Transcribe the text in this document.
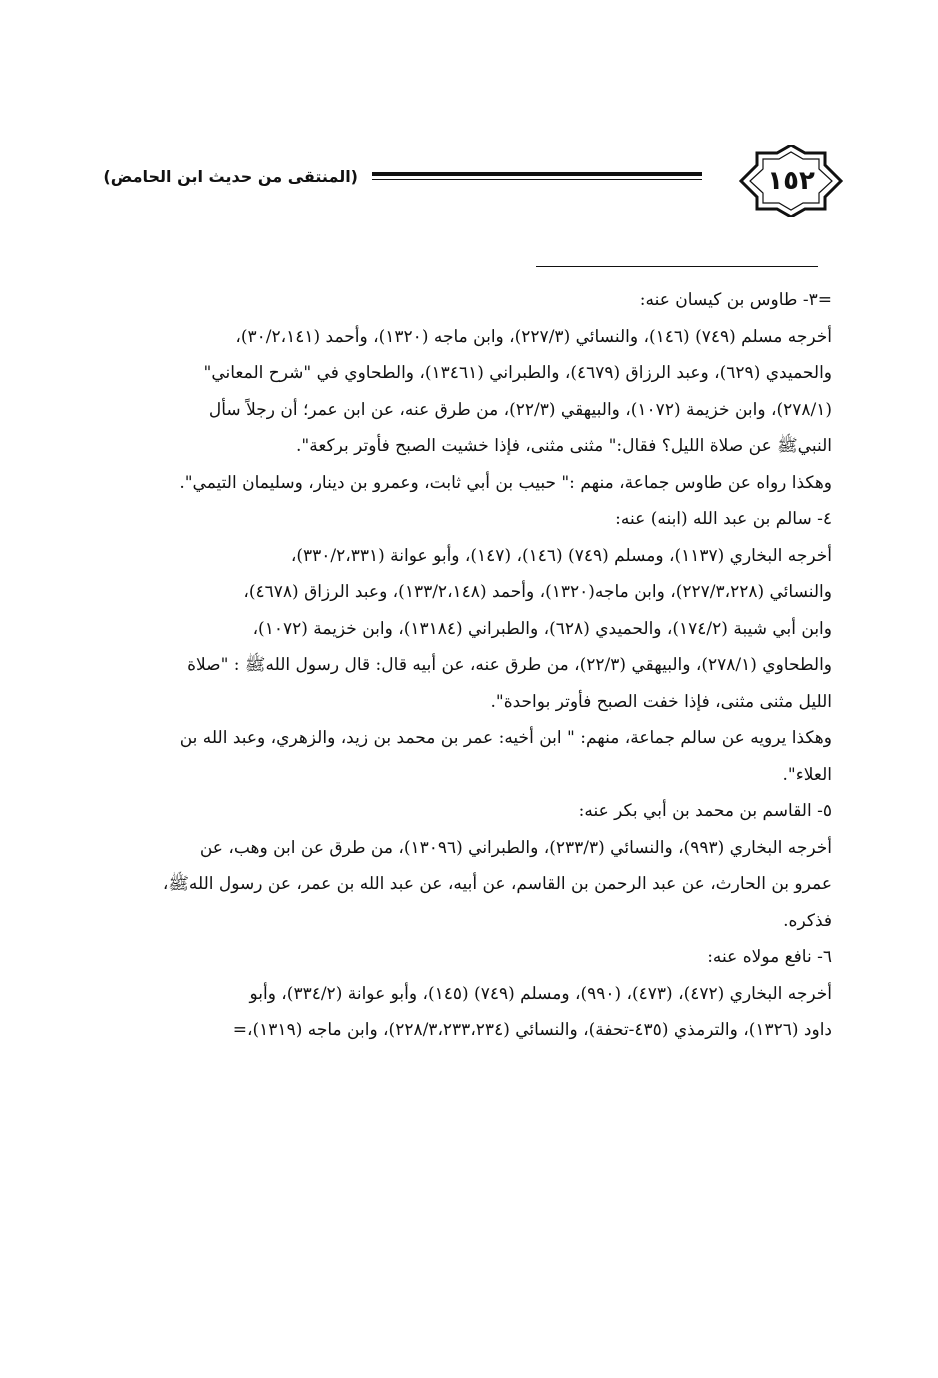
١٥٢
(المنتقى من حديث ابن الحامض)
=٣- طاوس بن كيسان عنه:
أخرجه مسلم (٧٤٩) (١٤٦)، والنسائي (٢٢٧/٣)، وابن ماجه (١٣٢٠)، وأحمد (٣٠/٢،١٤١)،
والحميدي (٦٢٩)، وعبد الرزاق (٤٦٧٩)، والطبراني (١٣٤٦١)، والطحاوي في "شرح المعاني"
(٢٧٨/١)، وابن خزيمة (١٠٧٢)، والبيهقي (٢٢/٣)، من طرق عنه، عن ابن عمر؛ أن رجلاً سأل
النبيﷺ عن صلاة الليل؟ فقال:" مثنى مثنى، فإذا خشيت الصبح فأوتر بركعة".
وهكذا رواه عن طاوس جماعة، منهم :" حبيب بن أبي ثابت، وعمرو بن دينار، وسليمان التيمي".
٤- سالم بن عبد الله (ابنه) عنه:
أخرجه البخاري (١١٣٧)، ومسلم (٧٤٩) (١٤٦)، (١٤٧)، وأبو عوانة (٣٣٠/٢،٣٣١)،
والنسائي (٢٢٧/٣،٢٢٨)، وابن ماجه(١٣٢٠)، وأحمد (١٣٣/٢،١٤٨)، وعبد الرزاق (٤٦٧٨)،
وابن أبي شيبة (١٧٤/٢)، والحميدي (٦٢٨)، والطبراني (١٣١٨٤)، وابن خزيمة (١٠٧٢)،
والطحاوي (٢٧٨/١)، والبيهقي (٢٢/٣)، من طرق عنه، عن أبيه قال: قال رسول اللهﷺ : "صلاة
الليل مثنى مثنى، فإذا خفت الصبح فأوتر بواحدة".
وهكذا يرويه عن سالم جماعة، منهم: " ابن أخيه: عمر بن محمد بن زيد، والزهري، وعبد الله بن
العلاء".
٥- القاسم بن محمد بن أبي بكر عنه:
أخرجه البخاري (٩٩٣)، والنسائي (٢٣٣/٣)، والطبراني (١٣٠٩٦)، من طرق عن ابن وهب، عن
عمرو بن الحارث، عن عبد الرحمن بن القاسم، عن أبيه، عن عبد الله بن عمر، عن رسول اللهﷺ،
فذكره.
٦- نافع مولاه عنه:
أخرجه البخاري (٤٧٢)، (٤٧٣)، (٩٩٠)، ومسلم (٧٤٩) (١٤٥)، وأبو عوانة (٣٣٤/٢)، وأبو
داود (١٣٢٦)، والترمذي (٤٣٥-تحفة)، والنسائي (٢٢٨/٣،٢٣٣،٢٣٤)، وابن ماجه (١٣١٩)،=
